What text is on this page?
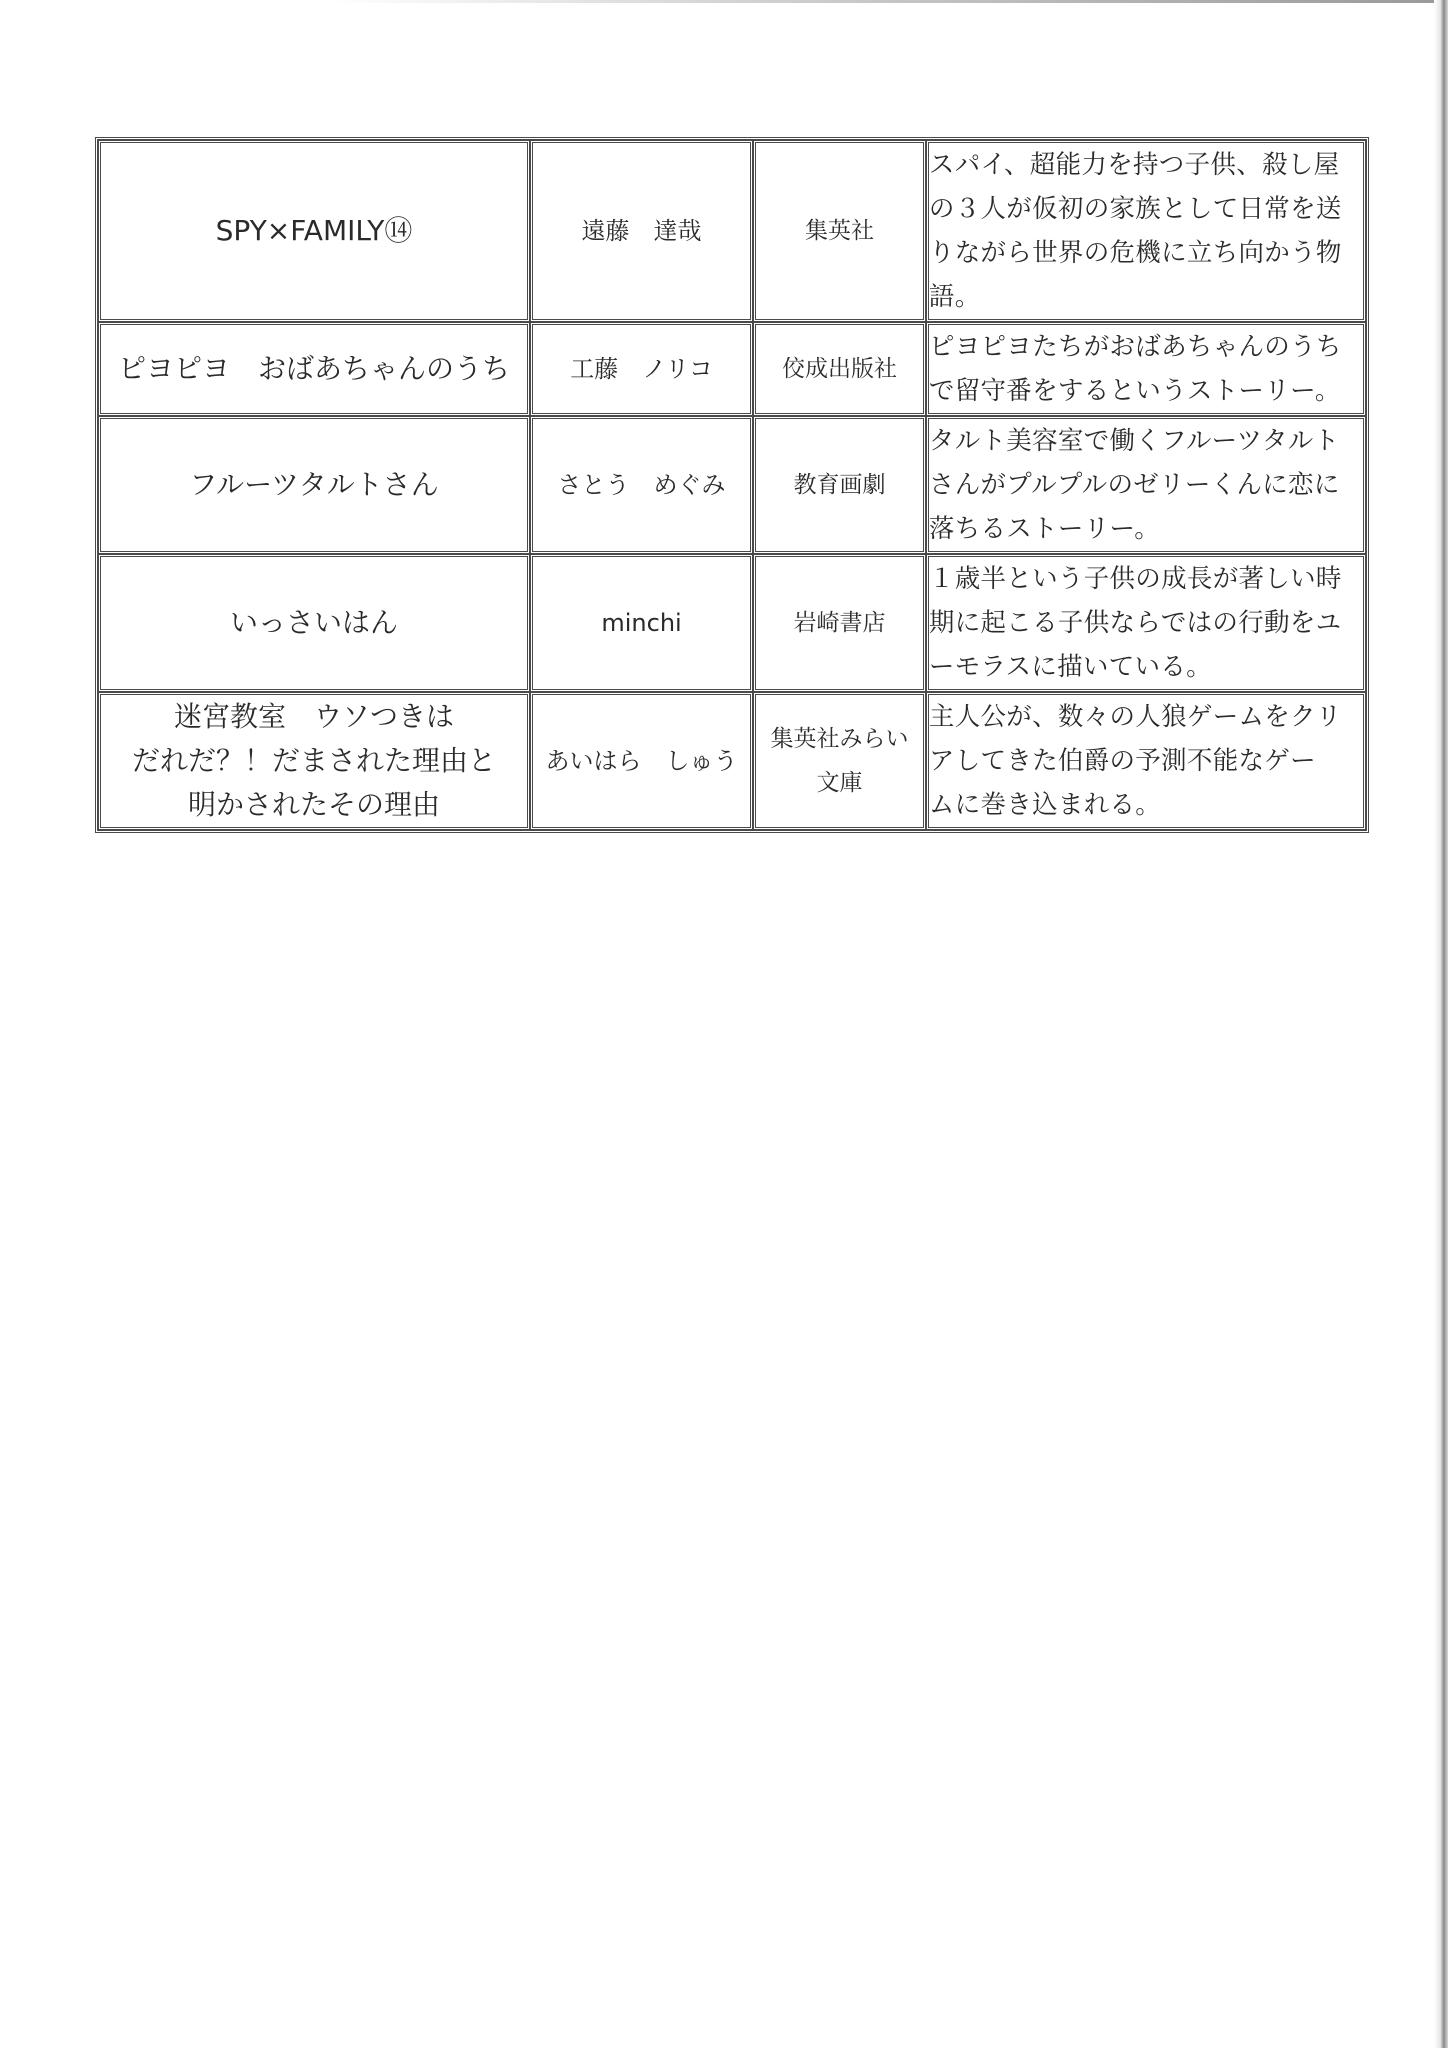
SPY×FAMILY⑭	遠藤　達哉	集英社	スパイ、超能力を持つ子供、殺し屋
の３人が仮初の家族として日常を送
りながら世界の危機に立ち向かう物
語。

ピヨピヨ　おばあちゃんのうち	工藤　ノリコ	佼成出版社	ピヨピヨたちがおばあちゃんのうち
で留守番をするというストーリー。

フルーツタルトさん	さとう　めぐみ	教育画劇	タルト美容室で働くフルーツタルト
さんがプルプルのゼリーくんに恋に
落ちるストーリー。

いっさいはん	minchi	岩崎書店	１歳半という子供の成長が著しい時
期に起こる子供ならではの行動をユ
ーモラスに描いている。

迷宮教室　ウソつきは
だれだ？！だまされた理由と
明かされたその理由	あいはら　しゅう	集英社みらい
文庫	主人公が、数々の人狼ゲームをクリ
アしてきた伯爵の予測不能なゲー
ムに巻き込まれる。
